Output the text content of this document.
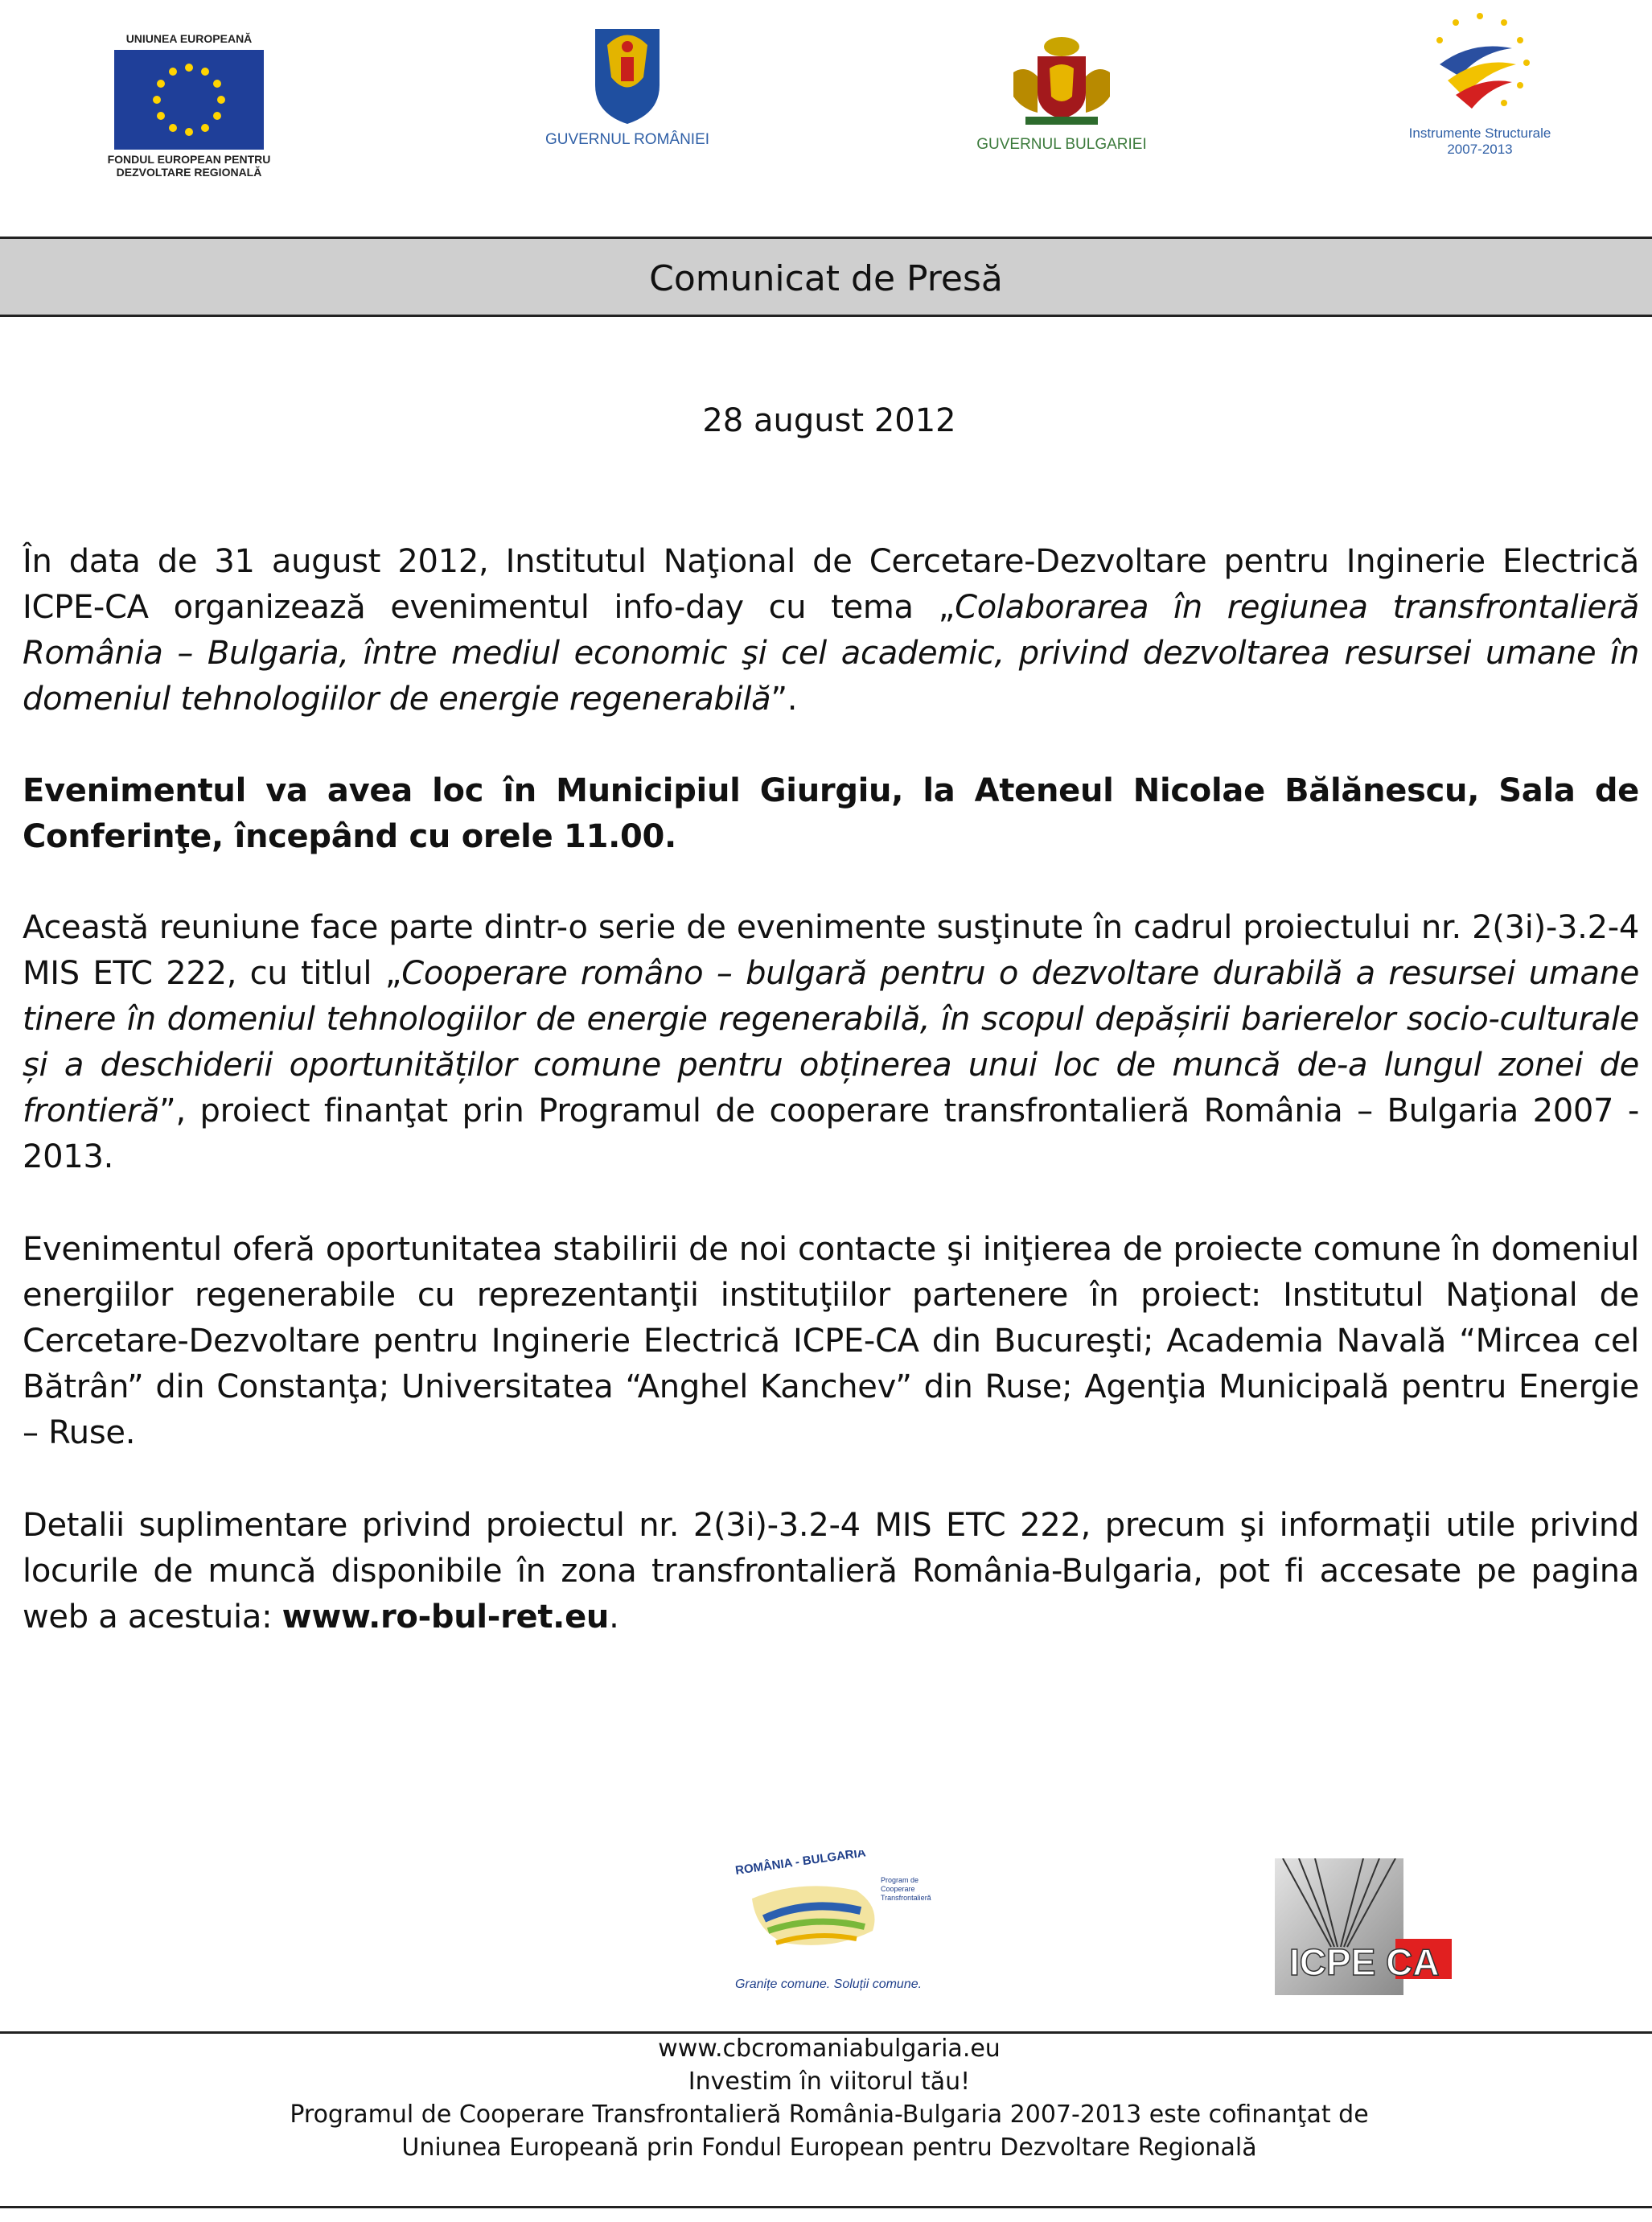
UNIUNEA EUROPEANĂ
FONDUL EUROPEAN PENTRU
DEZVOLTARE REGIONALĂ
GUVERNUL ROMÂNIEI	GUVERNUL BULGARIEI
Instrumente Structurale
2007-2013
Comunicat de Presă
28 august 2012

În data de 31 august 2012, Institutul Naţional de Cercetare-Dezvoltare pentru Inginerie Electrică ICPE-CA organizează evenimentul info-day cu tema „Colaborarea în regiunea transfrontalieră România – Bulgaria, între mediul economic şi cel academic, privind dezvoltarea resursei umane în domeniul tehnologiilor de energie regenerabilă”.

Evenimentul va avea loc în Municipiul Giurgiu, la Ateneul Nicolae Bălănescu, Sala de Conferinţe, începând cu orele 11.00.

Această reuniune face parte dintr-o serie de evenimente susţinute în cadrul proiectului nr. 2(3i)-3.2-4 MIS ETC 222, cu titlul „Cooperare româno – bulgară pentru o dezvoltare durabilă a resursei umane tinere în domeniul tehnologiilor de energie regenerabilă, în scopul depășirii barierelor socio-culturale și a deschiderii oportunităților comune pentru obținerea unui loc de muncă de-a lungul zonei de frontieră”, proiect finanţat prin Programul de cooperare transfrontalieră România – Bulgaria 2007 - 2013.

Evenimentul oferă oportunitatea stabilirii de noi contacte şi iniţierea de proiecte comune în domeniul energiilor regenerabile cu reprezentanţii instituţiilor partenere în proiect: Institutul Naţional de Cercetare-Dezvoltare pentru Inginerie Electrică ICPE-CA din Bucureşti; Academia Navală “Mircea cel Bătrân” din Constanţa; Universitatea “Anghel Kanchev” din Ruse; Agenţia Municipală pentru Energie – Ruse.

Detalii suplimentare privind proiectul nr. 2(3i)-3.2-4 MIS ETC 222, precum şi informaţii utile privind locurile de muncă disponibile în zona transfrontalieră România-Bulgaria, pot fi accesate pe pagina web a acestuia: www.ro-bul-ret.eu.

ROMÂNIA - BULGARIA
Program de
Cooperare
Transfrontalieră
Granițe comune. Soluții comune.
ICPE CA
www.cbcromaniabulgaria.eu
Investim în viitorul tău!
Programul de Cooperare Transfrontalieră România-Bulgaria 2007-2013 este cofinanţat de
Uniunea Europeană prin Fondul European pentru Dezvoltare Regională
